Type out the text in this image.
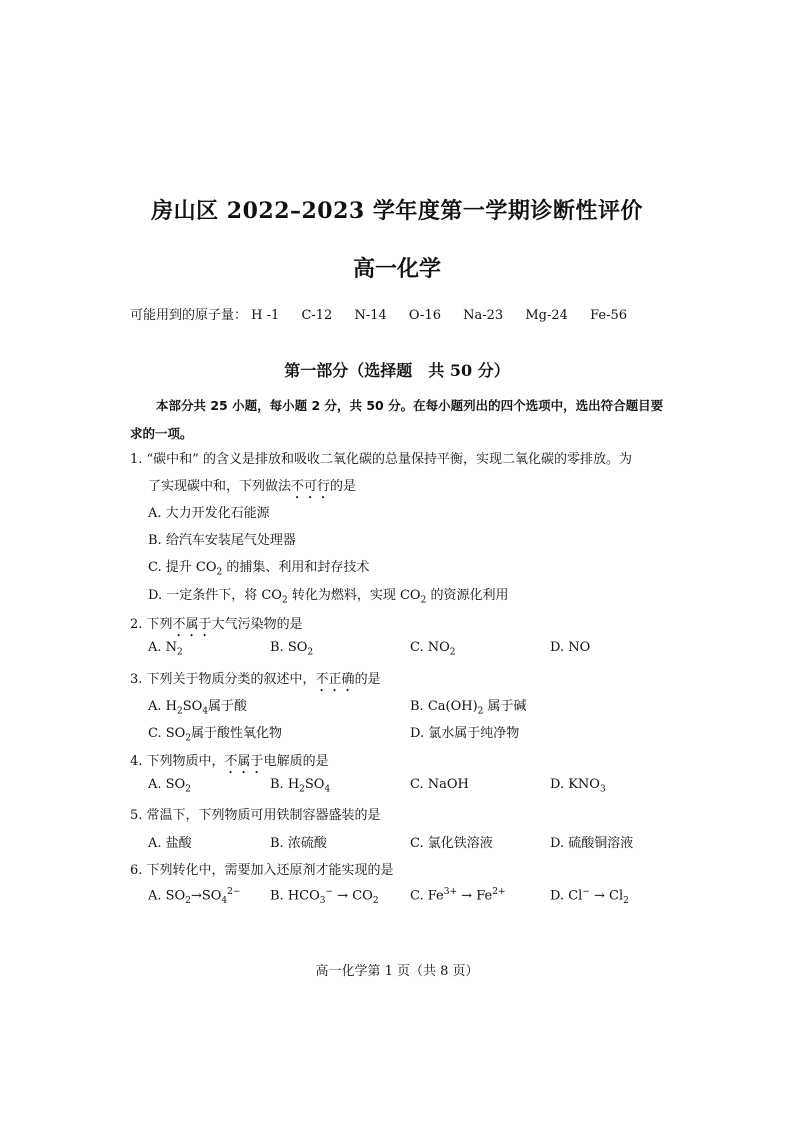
房山区 2022–2023 学年度第一学期诊断性评价
高一化学
可能用到的原子量： H -1 C-12 N-14 O-16 Na-23 Mg-24 Fe-56
第一部分（选择题　共 50 分）
本部分共 25 小题，每小题 2 分，共 50 分。在每小题列出的四个选项中，选出符合题目要求的一项。
1. “碳中和” 的含义是排放和吸收二氧化碳的总量保持平衡，实现二氧化碳的零排放。为
了实现碳中和，下列做法不可行的是
A. 大力开发化石能源
B. 给汽车安装尾气处理器
C. 提升 $CO_2$ 的捕集、利用和封存技术
D. 一定条件下，将 $CO_2$ 转化为燃料，实现 $CO_2$ 的资源化利用
2. 下列不属于大气污染物的是
A. $N_2$	B. $SO_2$	C. $NO_2$	D. NO
3. 下列关于物质分类的叙述中，不正确的是
A. $H_2SO_4$属于酸	B. $Ca(OH)_2$ 属于碱
C. $SO_2$属于酸性氧化物	D. 氯水属于纯净物
4. 下列物质中，不属于电解质的是
A. $SO_2$	B. $H_2SO_4$	C. NaOH	D. $KNO_3$
5. 常温下，下列物质可用铁制容器盛装的是
A. 盐酸	B. 浓硫酸	C. 氯化铁溶液	D. 硫酸铜溶液
6. 下列转化中，需要加入还原剂才能实现的是
A. $SO_2\to SO_4^{2-}$ B. $HCO_3^- \to CO_2$ C. $Fe^{3+} \to Fe^{2+}$	D. $Cl^- \to Cl_2$
高一化学第 1 页（共 8 页）
